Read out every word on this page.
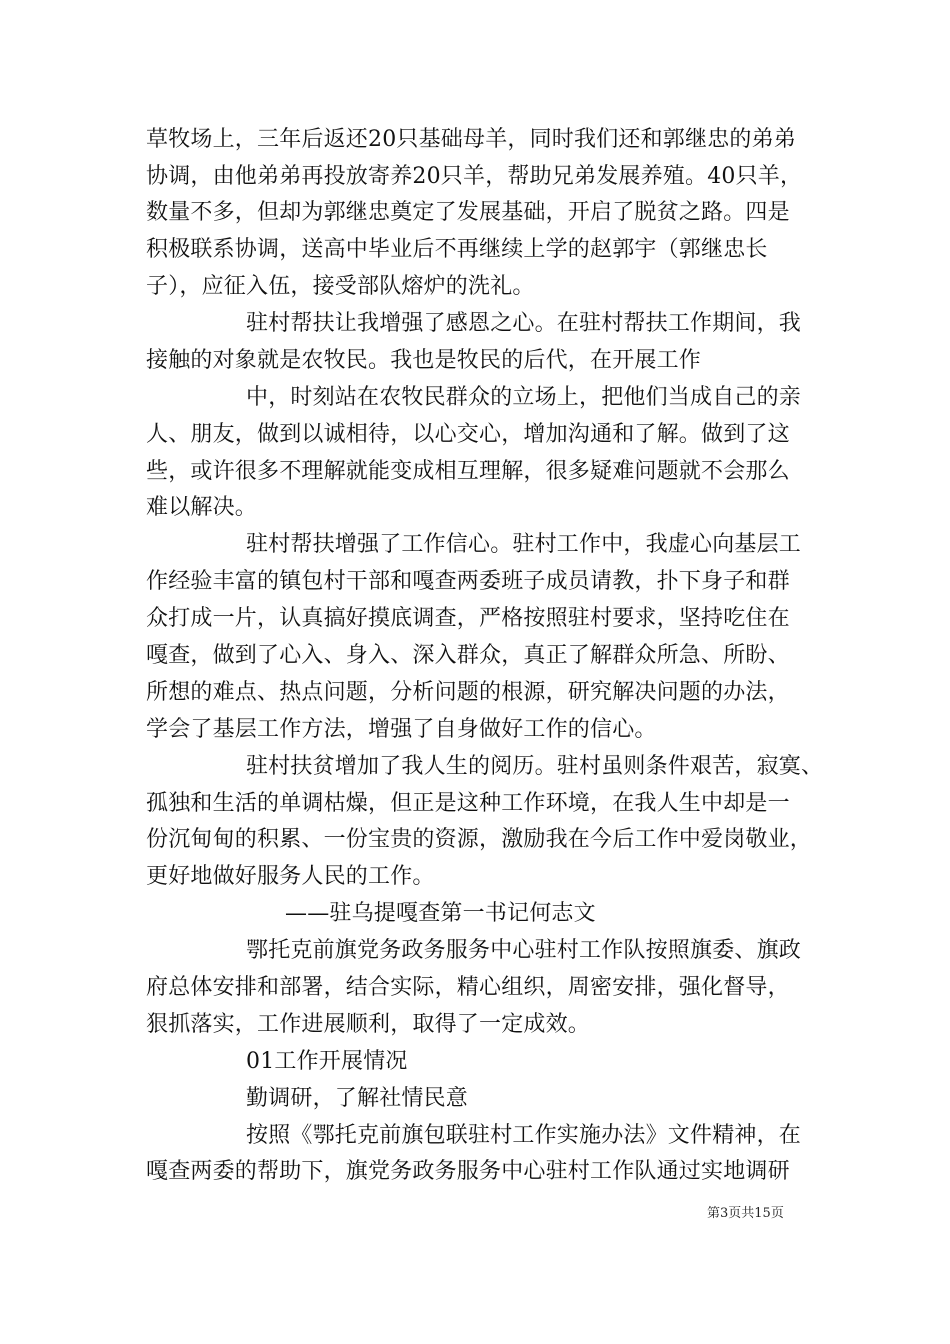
草牧场上，三年后返还20只基础母羊，同时我们还和郭继忠的弟弟
协调，由他弟弟再投放寄养20只羊，帮助兄弟发展养殖。40只羊，
数量不多，但却为郭继忠奠定了发展基础，开启了脱贫之路。四是
积极联系协调，送高中毕业后不再继续上学的赵郭宇（郭继忠长
子），应征入伍，接受部队熔炉的洗礼。
驻村帮扶让我增强了感恩之心。在驻村帮扶工作期间，我
接触的对象就是农牧民。我也是牧民的后代，在开展工作
中，时刻站在农牧民群众的立场上，把他们当成自己的亲
人、朋友，做到以诚相待，以心交心，增加沟通和了解。做到了这
些，或许很多不理解就能变成相互理解，很多疑难问题就不会那么
难以解决。
驻村帮扶增强了工作信心。驻村工作中，我虚心向基层工
作经验丰富的镇包村干部和嘎查两委班子成员请教，扑下身子和群
众打成一片，认真搞好摸底调查，严格按照驻村要求，坚持吃住在
嘎查，做到了心入、身入、深入群众，真正了解群众所急、所盼、
所想的难点、热点问题，分析问题的根源，研究解决问题的办法，
学会了基层工作方法，增强了自身做好工作的信心。
驻村扶贫增加了我人生的阅历。驻村虽则条件艰苦，寂寞、
孤独和生活的单调枯燥，但正是这种工作环境，在我人生中却是一
份沉甸甸的积累、一份宝贵的资源，激励我在今后工作中爱岗敬业，
更好地做好服务人民的工作。
——驻乌提嘎查第一书记何志文
鄂托克前旗党务政务服务中心驻村工作队按照旗委、旗政
府总体安排和部署，结合实际，精心组织，周密安排，强化督导，
狠抓落实，工作进展顺利，取得了一定成效。
01工作开展情况
勤调研，了解社情民意
按照《鄂托克前旗包联驻村工作实施办法》文件精神，在
嘎查两委的帮助下，旗党务政务服务中心驻村工作队通过实地调研
第3页共15页
